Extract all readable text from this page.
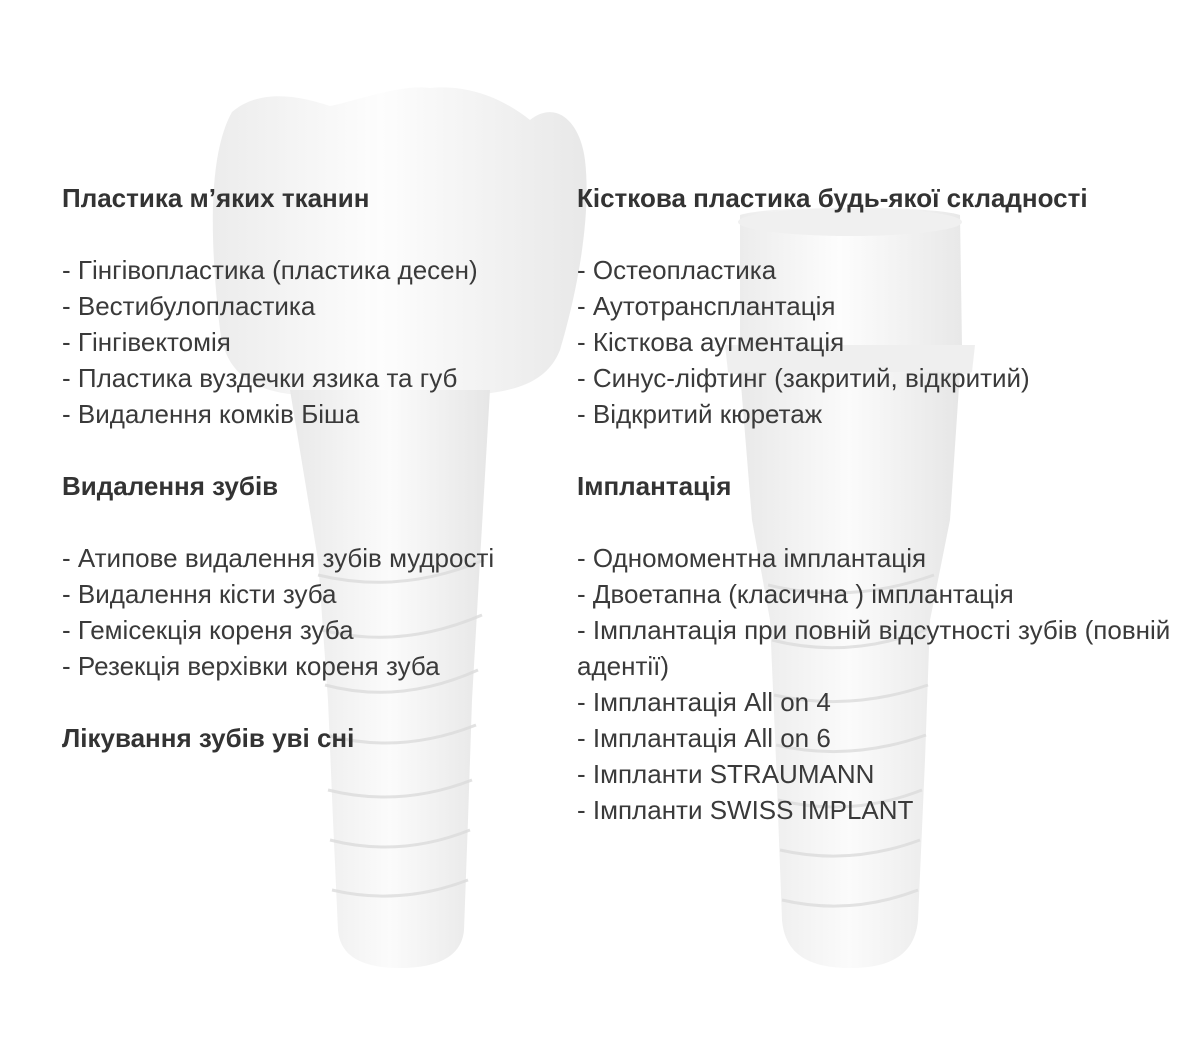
Пластика м’яких тканин
- Гінгівопластика (пластика десен)
- Вестибулопластика
- Гінгівектомія
- Пластика вуздечки язика та губ
- Видалення комків Біша
Видалення зубів
- Атипове видалення зубів мудрості
- Видалення кісти зуба
- Гемісекція кореня зуба
- Резекція верхівки кореня зуба
Лікування зубів уві сні
Кісткова пластика будь-якої складності
- Остеопластика
- Аутотрансплантація
- Кісткова аугментація
- Синус-ліфтинг (закритий, відкритий)
- Відкритий кюретаж
Імплантація
- Одномоментна імплантація
- Двоетапна (класична ) імплантація
- Імплантація при повній відсутності зубів (повній адентії)
- Імплантація All on 4
- Імплантація All on 6
- Імпланти STRAUMANN
- Імпланти SWISS IMPLANT
